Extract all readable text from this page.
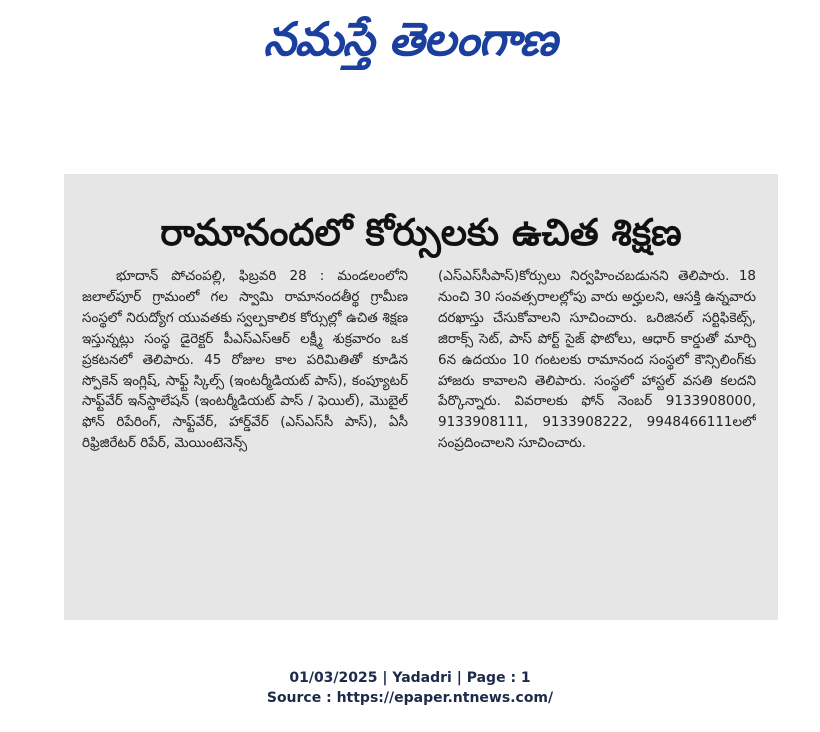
నమస్తే తెలంగాణ
రామానందలో కోర్సులకు ఉచిత శిక్షణ

భూదాన్ పోచంపల్లి, ఫిబ్రవరి 28 : మండలంలోని జలాల్‌పూర్ గ్రామంలో గల స్వామి రామానందతీర్థ గ్రామీణ సంస్థలో నిరుద్యోగ యువతకు స్వల్పకాలిక కోర్సుల్లో ఉచిత శిక్షణ ఇస్తున్నట్లు సంస్థ డైరెక్టర్ పీఎస్ఎస్ఆర్ లక్ష్మీ శుక్రవారం ఒక ప్రకటనలో తెలిపారు. 45 రోజుల కాల పరిమితితో కూడిన స్పోకెన్ ఇంగ్లిష్, సాఫ్ట్ స్కిల్స్ (ఇంటర్మీడియట్ పాస్), కంప్యూటర్ సాఫ్ట్‌వేర్ ఇన్‌స్టాలేషన్ (ఇంటర్మీడియట్ పాస్ / ఫెయిల్), మొబైల్ ఫోన్ రిపేరింగ్, సాఫ్ట్‌వేర్, హార్డ్‌వేర్ (ఎస్ఎస్‌సీ పాస్), ఏసీ రిఫ్రిజిరేటర్ రిపేర్, మెయింటెనెన్స్

(ఎస్ఎస్‌సీపాస్)కోర్సులు నిర్వహించబడునని తెలిపారు. 18 నుంచి 30 సంవత్సరాలల్లోపు వారు అర్హులని, ఆసక్తి ఉన్నవారు దరఖాస్తు చేసుకోవాలని సూచించారు. ఒరిజినల్ సర్టిఫికెట్స్, జిరాక్స్ సెట్, పాస్ పోర్ట్ సైజ్ ఫొటోలు, ఆధార్ కార్డుతో మార్చి 6న ఉదయం 10 గంటలకు రామానంద సంస్థలో కౌన్సిలింగ్‌కు హాజరు కావాలని తెలిపారు. సంస్థలో హాస్టల్ వసతి కలదని పేర్కొన్నారు. వివరాలకు ఫోన్ నెంబర్ 9133908000, 9133908111, 9133908222, 9948466111లలో సంప్రదించాలని సూచించారు.

01/03/2025 | Yadadri | Page : 1
Source : https://epaper.ntnews.com/
